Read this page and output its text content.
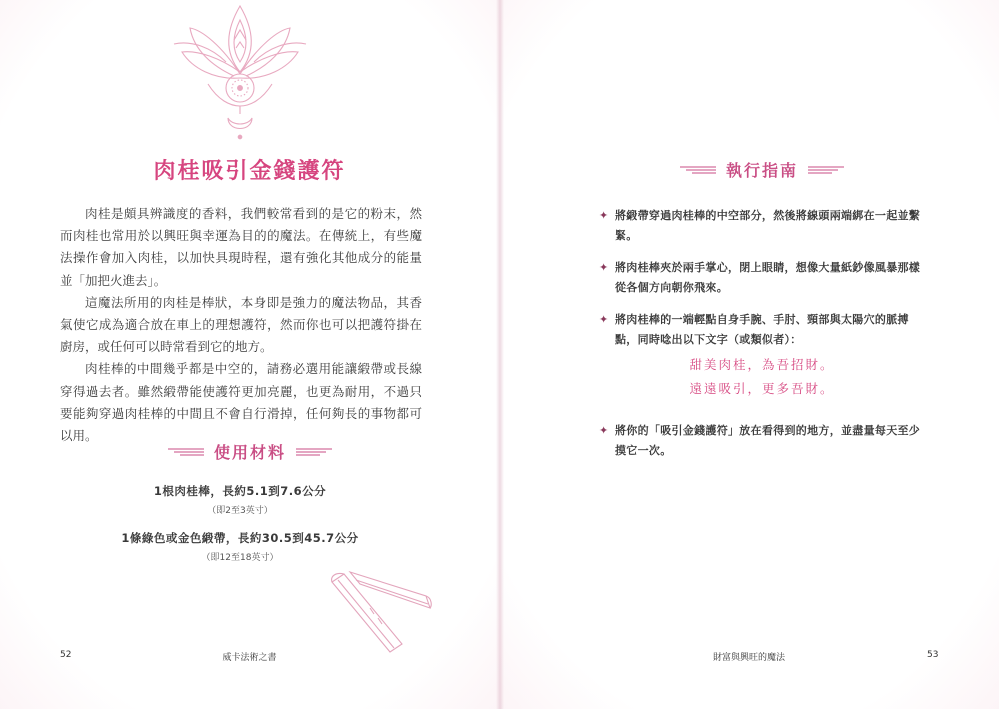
肉桂吸引金錢護符

肉桂是頗具辨識度的香料，我們較常看到的是它的粉末，然而肉桂也常用於以興旺與幸運為目的的魔法。在傳統上，有些魔法操作會加入肉桂，以加快具現時程，還有強化其他成分的能量並「加把火進去」。

這魔法所用的肉桂是棒狀，本身即是強力的魔法物品，其香氣使它成為適合放在車上的理想護符，然而你也可以把護符掛在廚房，或任何可以時常看到它的地方。

肉桂棒的中間幾乎都是中空的，請務必選用能讓緞帶或長線穿得過去者。雖然緞帶能使護符更加亮麗，也更為耐用，不過只要能夠穿過肉桂棒的中間且不會自行滑掉，任何夠長的事物都可以用。

使用材料
1根肉桂棒，長約5.1到7.6公分
（即2至3英寸）
1條綠色或金色緞帶，長約30.5到45.7公分
（即12至18英寸）
52	威卡法術之書	財富與興旺的魔法	53
執行指南
✦ 將緞帶穿過肉桂棒的中空部分，然後將線頭兩端綁在一起並繫緊。
✦ 將肉桂棒夾於兩手掌心，閉上眼睛，想像大量紙鈔像風暴那樣從各個方向朝你飛來。
✦ 將肉桂棒的一端輕點自身手腕、手肘、頸部與太陽穴的脈搏點，同時唸出以下文字（或類似者）：
甜美肉桂，為吾招財。
遠遠吸引，更多吾財。
✦ 將你的「吸引金錢護符」放在看得到的地方，並盡量每天至少摸它一次。
